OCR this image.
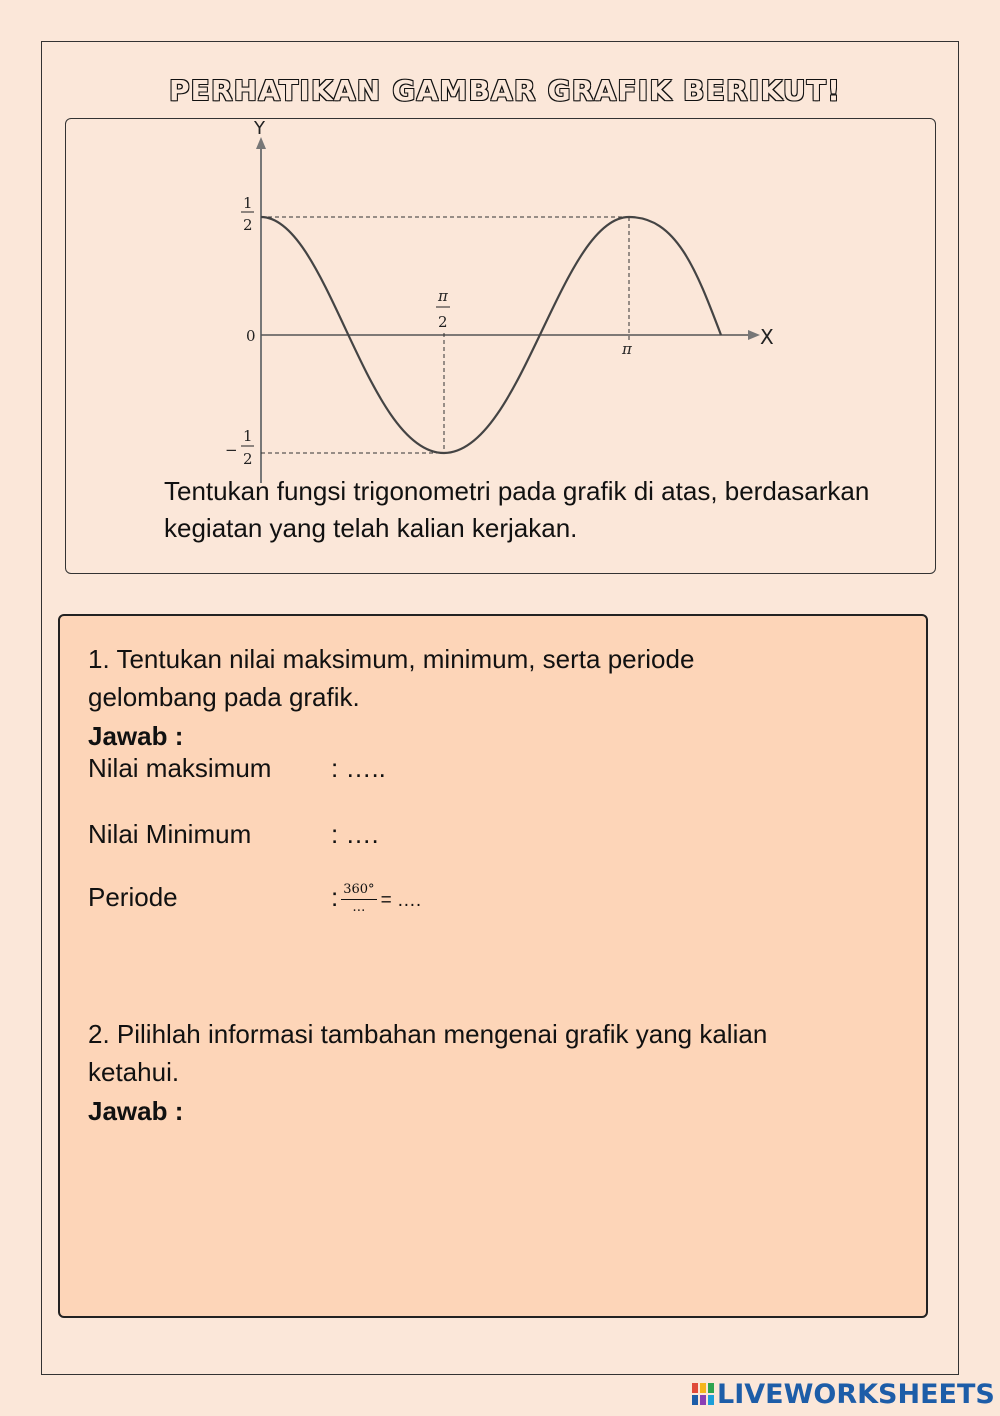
PERHATIKAN GAMBAR GRAFIK BERIKUT!
Y
X
1
2
0
−
1
2
π
2
π
Tentukan fungsi trigonometri pada grafik di atas, berdasarkan
kegiatan yang telah kalian kerjakan.
1. Tentukan nilai maksimum, minimum, serta periode
gelombang pada grafik.
Jawab :
Nilai maksimum : …..
Nilai Minimum	: ….
Periode	: $\frac{360^\circ}{\dots}$ = ….
2. Pilihlah informasi tambahan mengenai grafik yang kalian
ketahui.
Jawab :
LIVEWORKSHEETS
